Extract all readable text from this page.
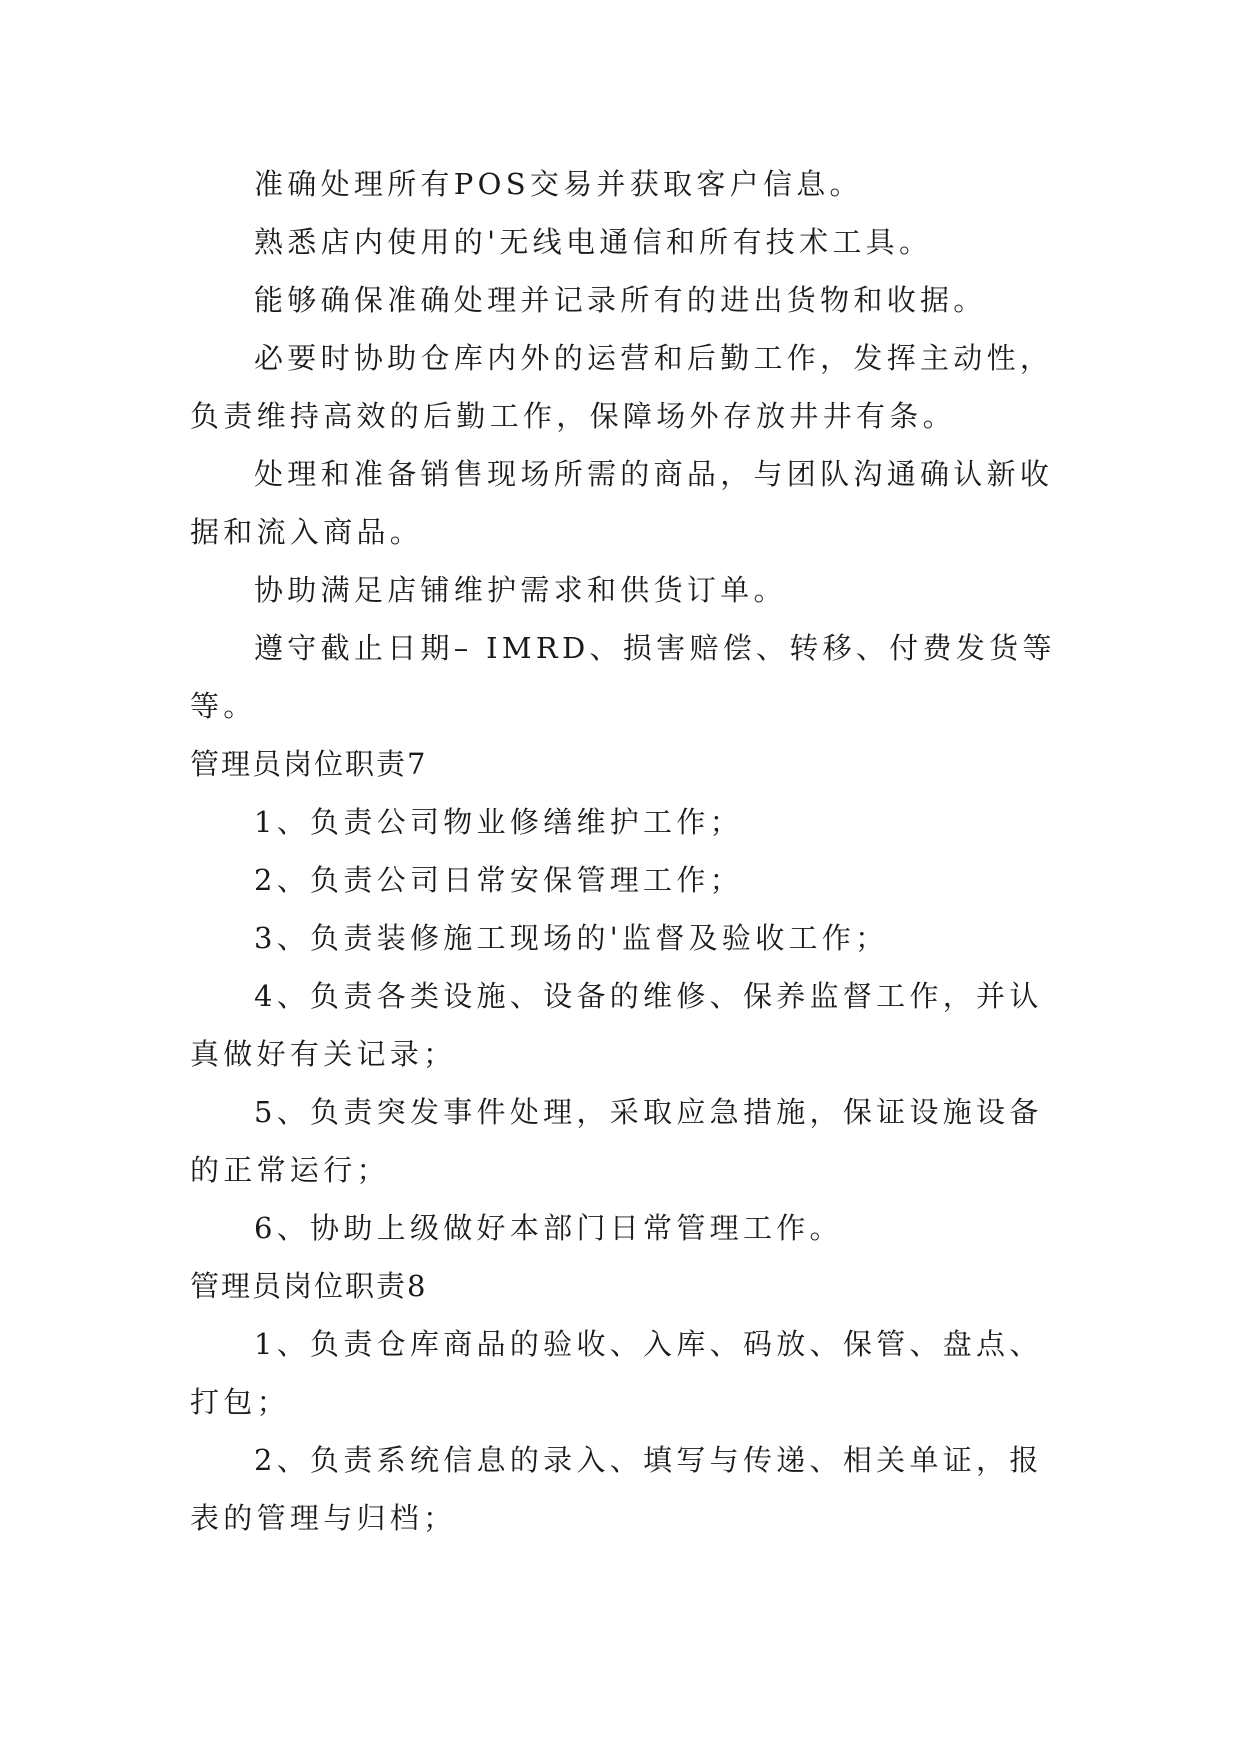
准确处理所有POS交易并获取客户信息。

熟悉店内使用的'无线电通信和所有技术工具。

能够确保准确处理并记录所有的进出货物和收据。

必要时协助仓库内外的运营和后勤工作，发挥主动性，负责维持高效的后勤工作，保障场外存放井井有条。

处理和准备销售现场所需的商品，与团队沟通确认新收据和流入商品。

协助满足店铺维护需求和供货订单。

遵守截止日期– IMRD、损害赔偿、转移、付费发货等等。

管理员岗位职责7

1、负责公司物业修缮维护工作；

2、负责公司日常安保管理工作；

3、负责装修施工现场的'监督及验收工作；

4、负责各类设施、设备的维修、保养监督工作，并认真做好有关记录；

5、负责突发事件处理，采取应急措施，保证设施设备的正常运行；

6、协助上级做好本部门日常管理工作。

管理员岗位职责8

1、负责仓库商品的验收、入库、码放、保管、盘点、打包；

2、负责系统信息的录入、填写与传递、相关单证，报表的管理与归档；
